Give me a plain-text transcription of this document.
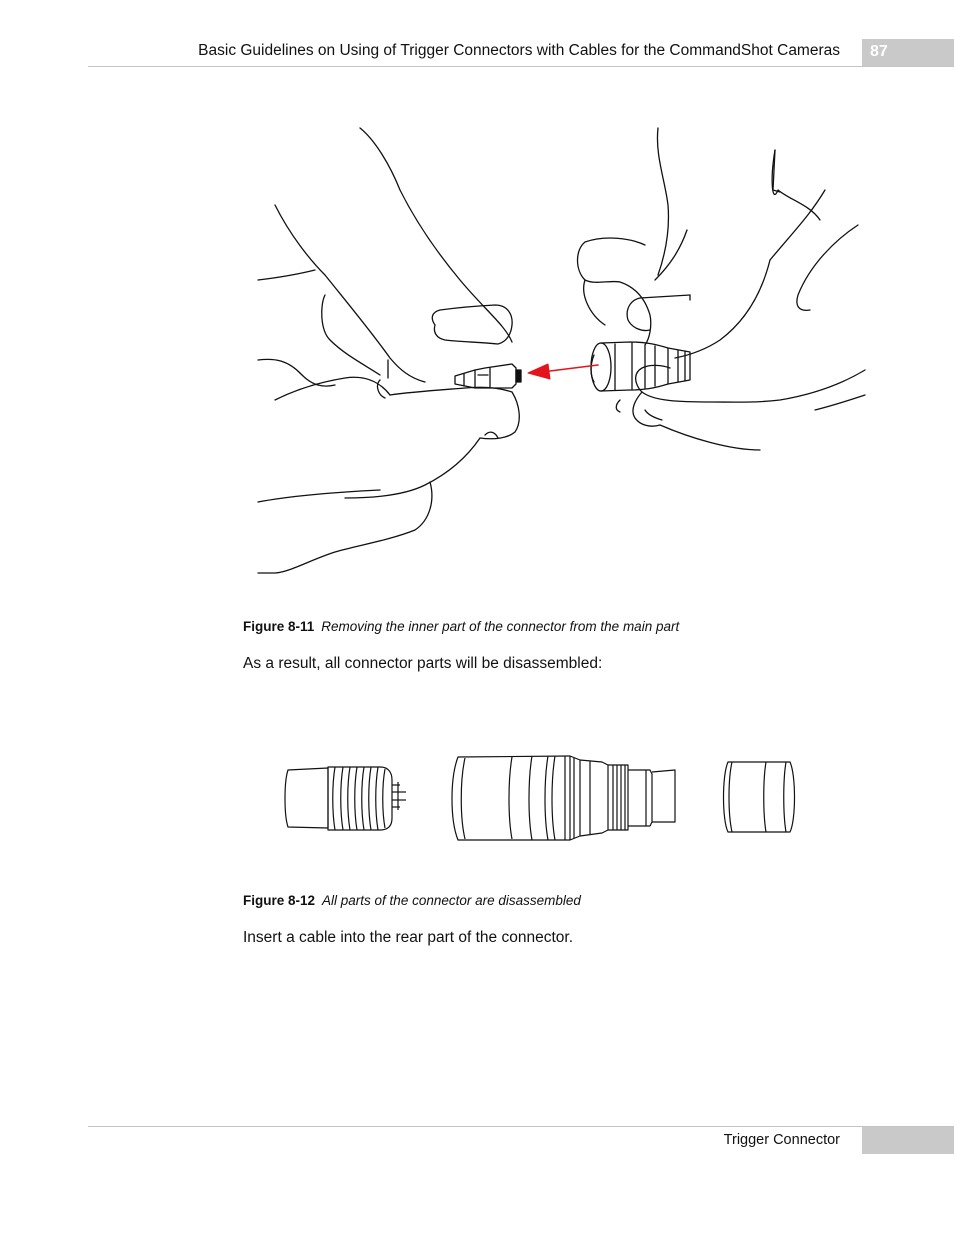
Basic Guidelines on Using of Trigger Connectors with Cables for the CommandShot Cameras 87
Figure 8-11 Removing the inner part of the connector from the main part
As a result, all connector parts will be disassembled:
Figure 8-12 All parts of the connector are disassembled
Insert a cable into the rear part of the connector.
Trigger Connector
